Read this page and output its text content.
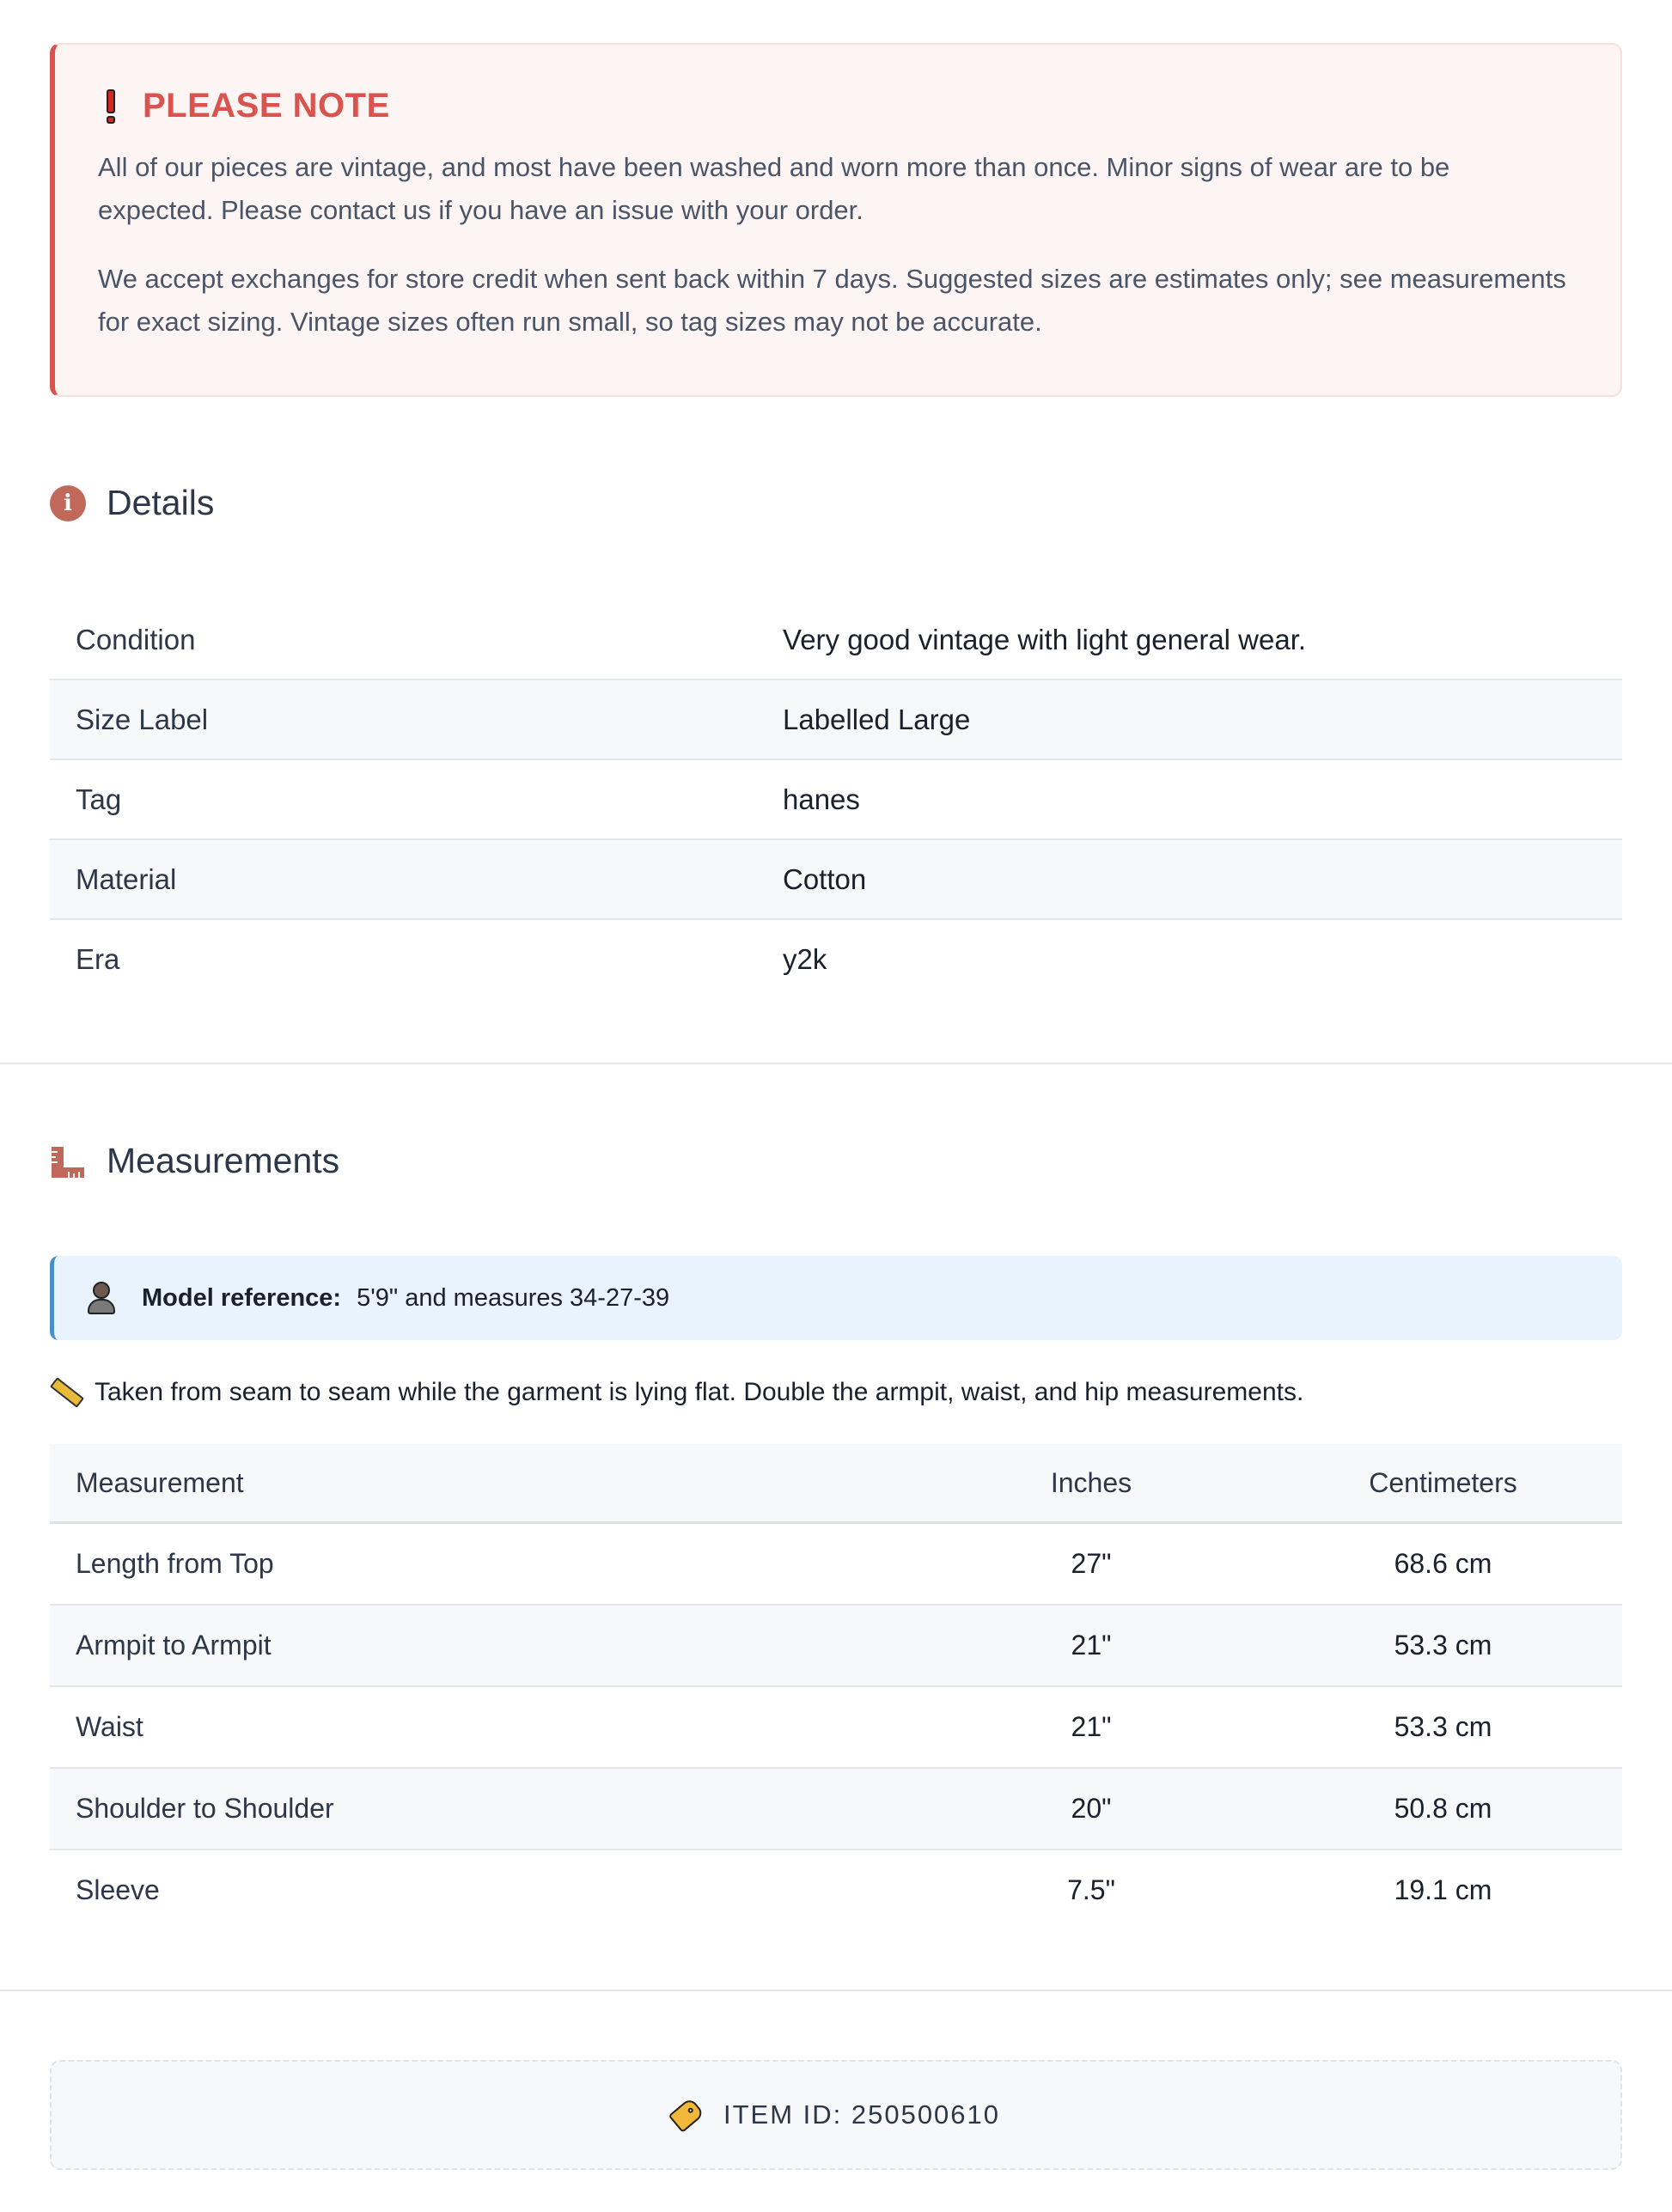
PLEASE NOTE

All of our pieces are vintage, and most have been washed and worn more than once. Minor signs of wear are to be expected. Please contact us if you have an issue with your order.

We accept exchanges for store credit when sent back within 7 days. Suggested sizes are estimates only; see measurements for exact sizing. Vintage sizes often run small, so tag sizes may not be accurate.

i Details
Condition	Very good vintage with light general wear.
Size Label	Labelled Large
Tag	hanes
Material	Cotton
Era	y2k
Measurements
Model reference: 5'9" and measures 34-27-39
Taken from seam to seam while the garment is lying flat. Double the armpit, waist, and hip measurements.
Measurement	Inches	Centimeters
Length from Top	27"	68.6 cm
Armpit to Armpit	21"	53.3 cm
Waist	21"	53.3 cm
Shoulder to Shoulder	20"	50.8 cm
Sleeve	7.5"	19.1 cm
ITEM ID: 250500610
